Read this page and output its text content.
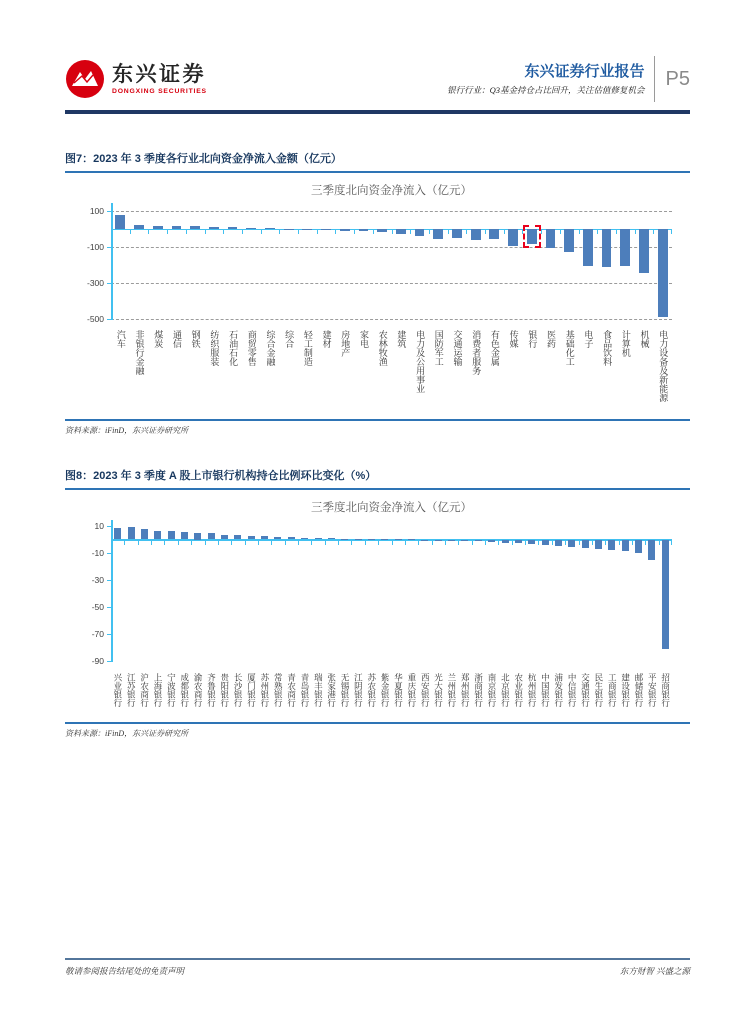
东兴证券
DONGXING SECURITIES
东兴证券行业报告
银行行业：Q3基金持仓占比回升，关注估值修复机会 P5
图7：2023 年 3 季度各行业北向资金净流入金额（亿元）
三季度北向资金净流入（亿元）
100
-100
-300
-500
汽车 非银行金融 煤炭 通信 钢铁 纺织服装 石油石化 商贸零售 综合金融 综合 轻工制造 建材 房地产 家电 农林牧渔 建筑 电力及公用事业 国防军工 交通运输 消费者服务 有色金属 传媒 银行 医药 基础化工 电子 食品饮料 计算机 机械 电力设备及新能源
资料来源：iFinD，东兴证券研究所
图8：2023 年 3 季度 A 股上市银行机构持仓比例环比变化（%）
三季度北向资金净流入（亿元）
10
-10
-30
-50
-70
-90
兴业银行 江苏银行 沪农商行 上海银行 宁波银行 成都银行 渝农商行 齐鲁银行 贵阳银行 长沙银行 厦门银行 苏州银行 常熟银行 青农商行 青岛银行 瑞丰银行 张家港行 无锡银行 江阴银行 苏农银行 紫金银行 华夏银行 重庆银行 西安银行 光大银行 兰州银行 郑州银行 浙商银行 南京银行 北京银行 农业银行 杭州银行 中国银行 浦发银行 中信银行 交通银行 民生银行 工商银行 建设银行 邮储银行 平安银行 招商银行
资料来源：iFinD，东兴证券研究所
敬请参阅报告结尾处的免责声明	东方财智 兴盛之源
